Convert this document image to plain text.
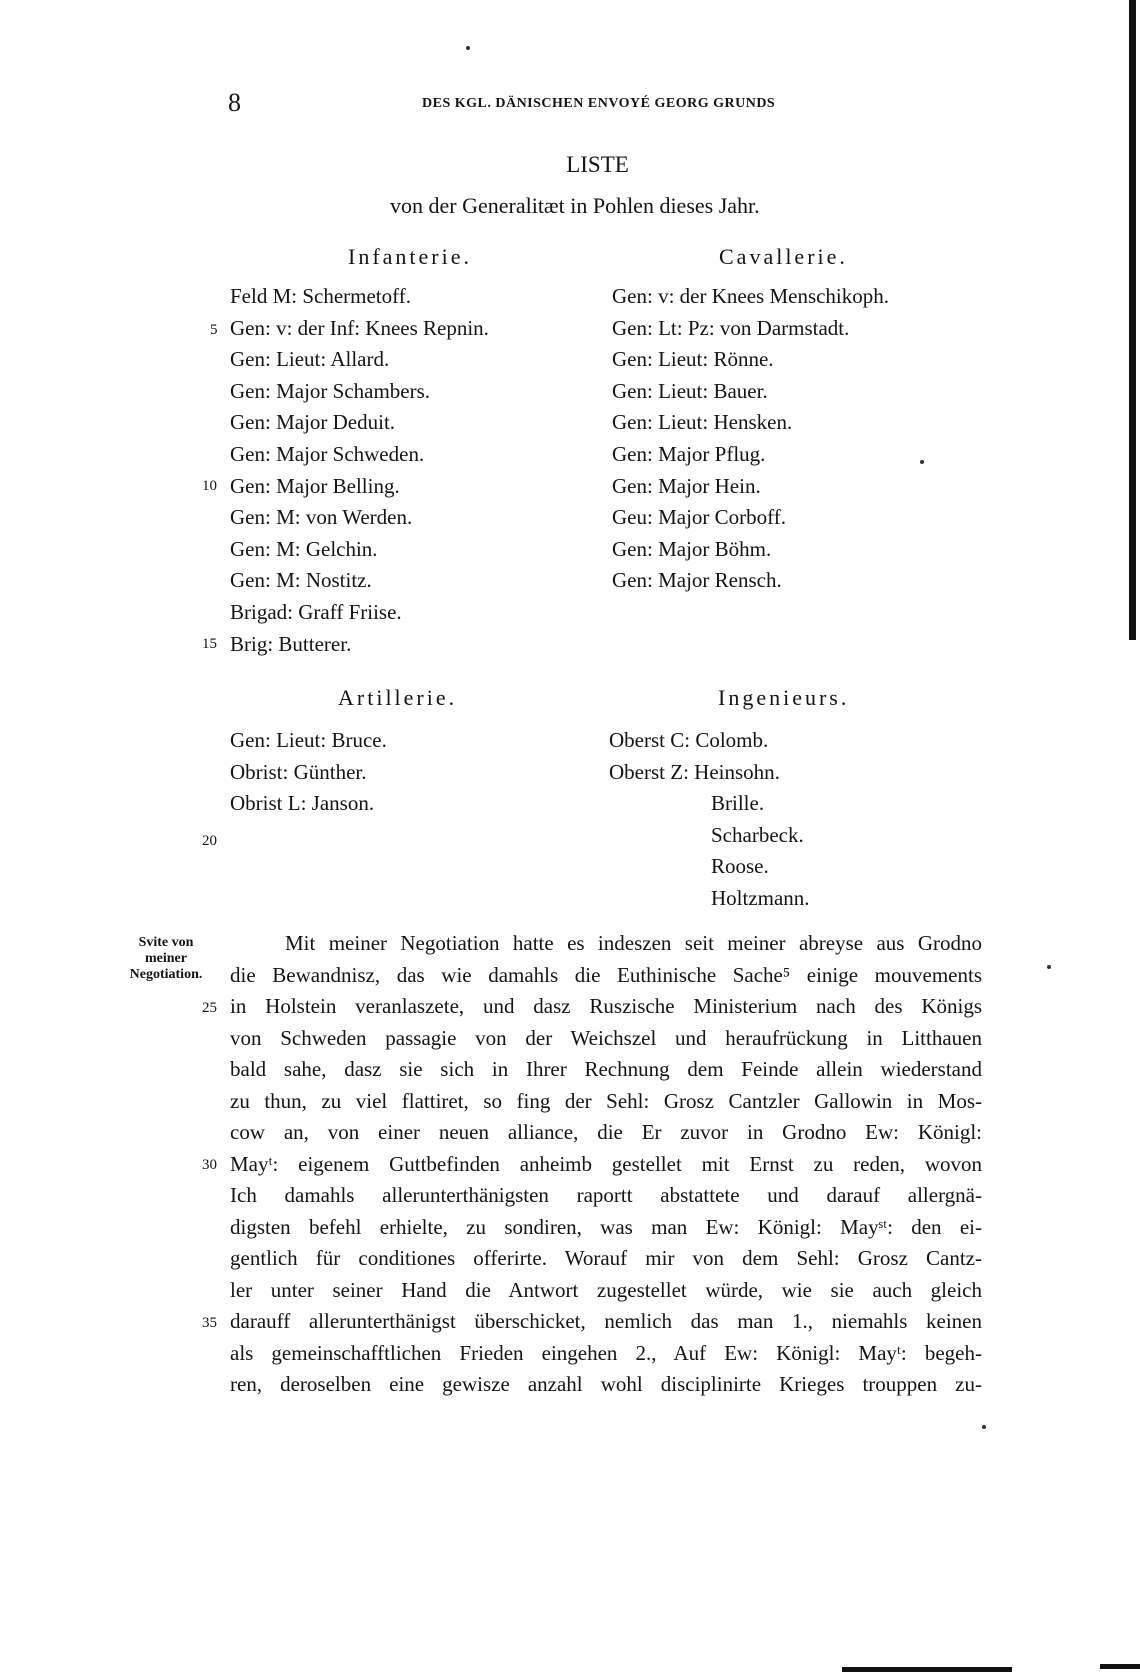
8	DES KGL. DÄNISCHEN ENVOYÉ GEORG GRUNDS
LISTE
von der Generalitæt in Pohlen dieses Jahr.
Infanterie.
Feld M: Schermetoff.
Gen: v: der Inf: Knees Repnin.
Gen: Lieut: Allard.
Gen: Major Schambers.
Gen: Major Deduit.
Gen: Major Schweden.
Gen: Major Belling.
Gen: M: von Werden.
Gen: M: Gelchin.
Gen: M: Nostitz.
Brigad: Graff Friise.
Brig: Butterer.
Cavallerie.
Gen: v: der Knees Menschikoph.
Gen: Lt: Pz: von Darmstadt.
Gen: Lieut: Rönne.
Gen: Lieut: Bauer.
Gen: Lieut: Hensken.
Gen: Major Pflug.
Gen: Major Hein.
Geu: Major Corboff.
Gen: Major Böhm.
Gen: Major Rensch.
Artillerie.
Gen: Lieut: Bruce.
Obrist: Günther.
Obrist L: Janson.
Ingenieurs.
Oberst C: Colomb.
Oberst Z: Heinsohn.
Brille.
Scharbeck.
Roose.
Holtzmann.
5
10
15
20
25
30
35
Svite von
meiner
Negotiation.
Mit meiner Negotiation hatte es indeszen seit meiner abreyse aus Grodno
die Bewandnisz, das wie damahls die Euthinische Sache⁵ einige mouvements
in Holstein veranlaszete, und dasz Ruszische Ministerium nach des Königs
von Schweden passagie von der Weichszel und heraufrückung in Litthauen
bald sahe, dasz sie sich in Ihrer Rechnung dem Feinde allein wiederstand
zu thun, zu viel flattiret, so fing der Sehl: Grosz Cantzler Gallowin in Mos-
cow an, von einer neuen alliance, die Er zuvor in Grodno Ew: Königl:
Mayᵗ: eigenem Guttbefinden anheimb gestellet mit Ernst zu reden, wovon
Ich damahls allerunterthänigsten raportt abstattete und darauf allergnä-
digsten befehl erhielte, zu sondiren, was man Ew: Königl: Mayˢᵗ: den ei-
gentlich für conditiones offerirte. Worauf mir von dem Sehl: Grosz Cantz-
ler unter seiner Hand die Antwort zugestellet würde, wie sie auch gleich
darauff allerunterthänigst überschicket, nemlich das man 1., niemahls keinen
als gemeinschafftlichen Frieden eingehen 2., Auf Ew: Königl: Mayᵗ: begeh-
ren, deroselben eine gewisze anzahl wohl disciplinirte Krieges trouppen zu-
